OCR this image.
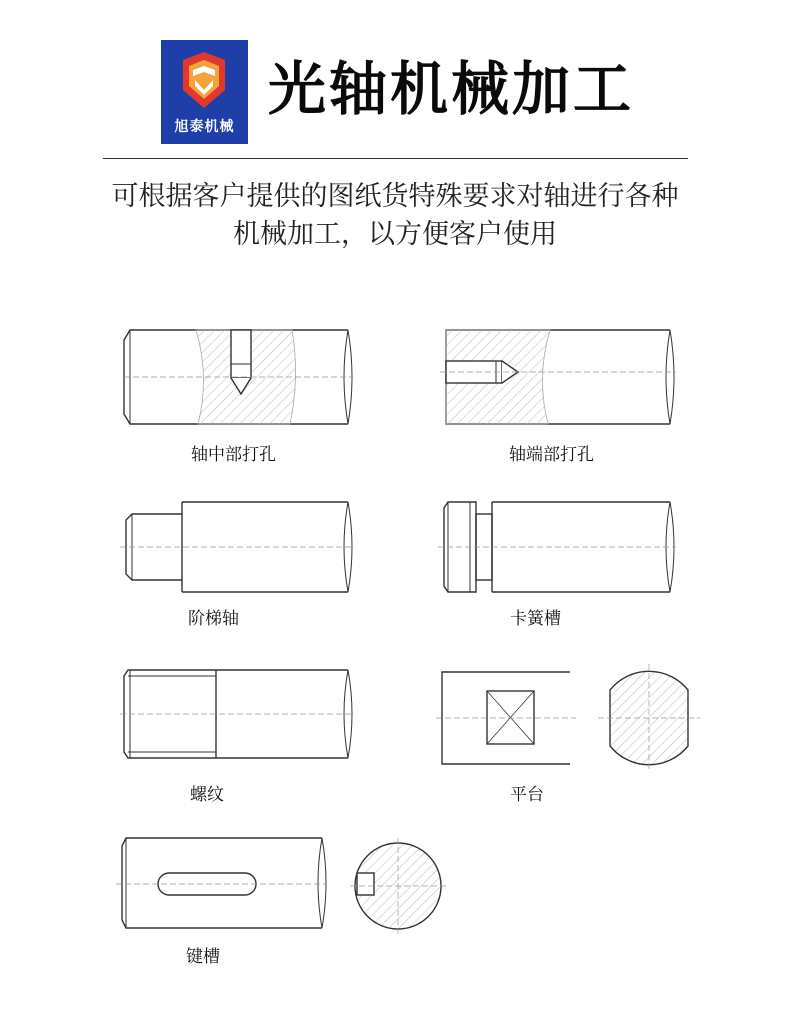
旭泰机械
光轴机械加工
可根据客户提供的图纸货特殊要求对轴进行各种
机械加工，以方便客户使用
轴中部打孔	轴端部打孔
阶梯轴	卡簧槽
螺纹	平台
键槽
